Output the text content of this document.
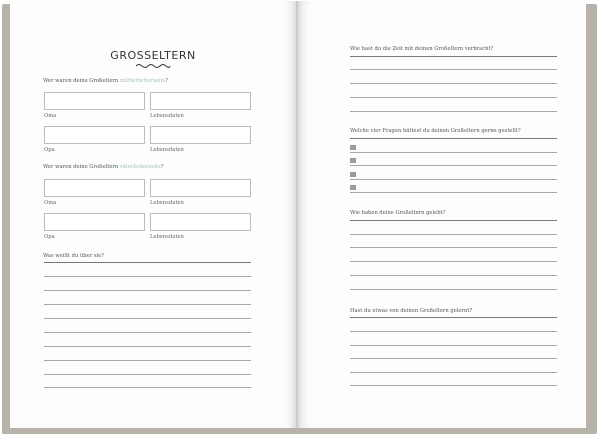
GROSSELTERN
Wer waren deine Großeltern mütterlicherseits?
Oma	Lebensdaten
Opa	Lebensdaten
Wer waren deine Großeltern väterlicherseits?
Oma	Lebensdaten
Opa	Lebensdaten
Was weißt du über sie?
Wie hast du die Zeit mit deinen Großeltern verbracht?
Welche vier Fragen hättest du deinen Großeltern gerne gestellt?
Wie haben deine Großeltern gelebt?
Hast du etwas von deinen Großeltern gelernt?
